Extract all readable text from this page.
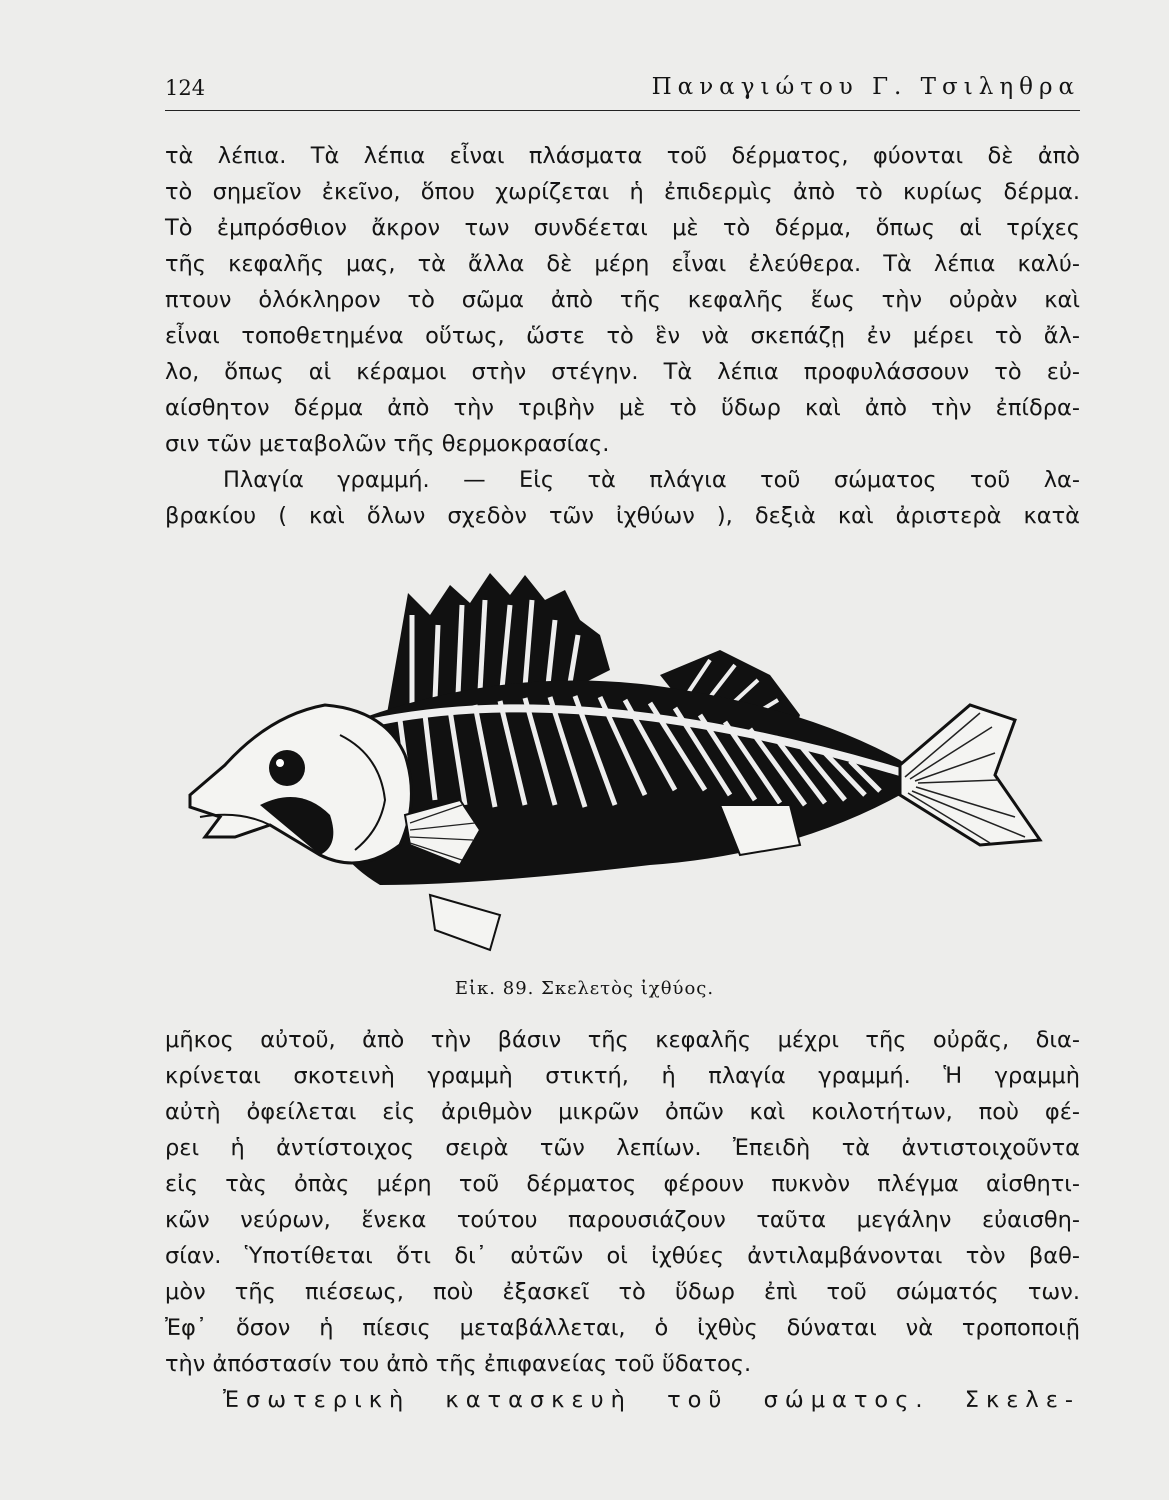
124	Παναγιώτου Γ. Τσιληθρα
τὰ λέπια. Τὰ λέπια εἶναι πλάσματα τοῦ δέρματος, φύονται δὲ ἀπὸ
τὸ σημεῖον ἐκεῖνο, ὅπου χωρίζεται ἡ ἐπιδερμὶς ἀπὸ τὸ κυρίως δέρμα.
Τὸ ἐμπρόσθιον ἄκρον των συνδέεται μὲ τὸ δέρμα, ὅπως αἱ τρίχες
τῆς κεφαλῆς μας, τὰ ἄλλα δὲ μέρη εἶναι ἐλεύθερα. Τὰ λέπια καλύ-
πτουν ὁλόκληρον τὸ σῶμα ἀπὸ τῆς κεφαλῆς ἕως τὴν οὐρὰν καὶ
εἶναι τοποθετημένα οὕτως, ὥστε τὸ ἓν νὰ σκεπάζῃ ἐν μέρει τὸ ἄλ-
λο, ὅπως αἱ κέραμοι στὴν στέγην. Τὰ λέπια προφυλάσσουν τὸ εὐ-
αίσθητον δέρμα ἀπὸ τὴν τριβὴν μὲ τὸ ὕδωρ καὶ ἀπὸ τὴν ἐπίδρα-
σιν τῶν μεταβολῶν τῆς θερμοκρασίας.
Πλαγία γραμμή. — Εἰς τὰ πλάγια τοῦ σώματος τοῦ λα-
βρακίου ( καὶ ὅλων σχεδὸν τῶν ἰχθύων ), δεξιὰ καὶ ἀριστερὰ κατὰ
Εἰκ. 89. Σκελετὸς ἰχθύος.
μῆκος αὐτοῦ, ἀπὸ τὴν βάσιν τῆς κεφαλῆς μέχρι τῆς οὐρᾶς, δια-
κρίνεται σκοτεινὴ γραμμὴ στικτή, ἡ πλαγία γραμμή. Ἡ γραμμὴ
αὐτὴ ὀφείλεται εἰς ἀριθμὸν μικρῶν ὀπῶν καὶ κοιλοτήτων, ποὺ φέ-
ρει ἡ ἀντίστοιχος σειρὰ τῶν λεπίων. Ἐπειδὴ τὰ ἀντιστοιχοῦντα
εἰς τὰς ὀπὰς μέρη τοῦ δέρματος φέρουν πυκνὸν πλέγμα αἰσθητι-
κῶν νεύρων, ἕνεκα τούτου παρουσιάζουν ταῦτα μεγάλην εὐαισθη-
σίαν. Ὑποτίθεται ὅτι δι᾽ αὐτῶν οἱ ἰχθύες ἀντιλαμβάνονται τὸν βαθ-
μὸν τῆς πιέσεως, ποὺ ἐξασκεῖ τὸ ὕδωρ ἐπὶ τοῦ σώματός των.
Ἐφ᾽ ὅσον ἡ πίεσις μεταβάλλεται, ὁ ἰχθὺς δύναται νὰ τροποποιῇ
τὴν ἀπόστασίν του ἀπὸ τῆς ἐπιφανείας τοῦ ὕδατος.
Ἐσωτερικὴ κατασκευὴ τοῦ σώματος. Σκελε-
